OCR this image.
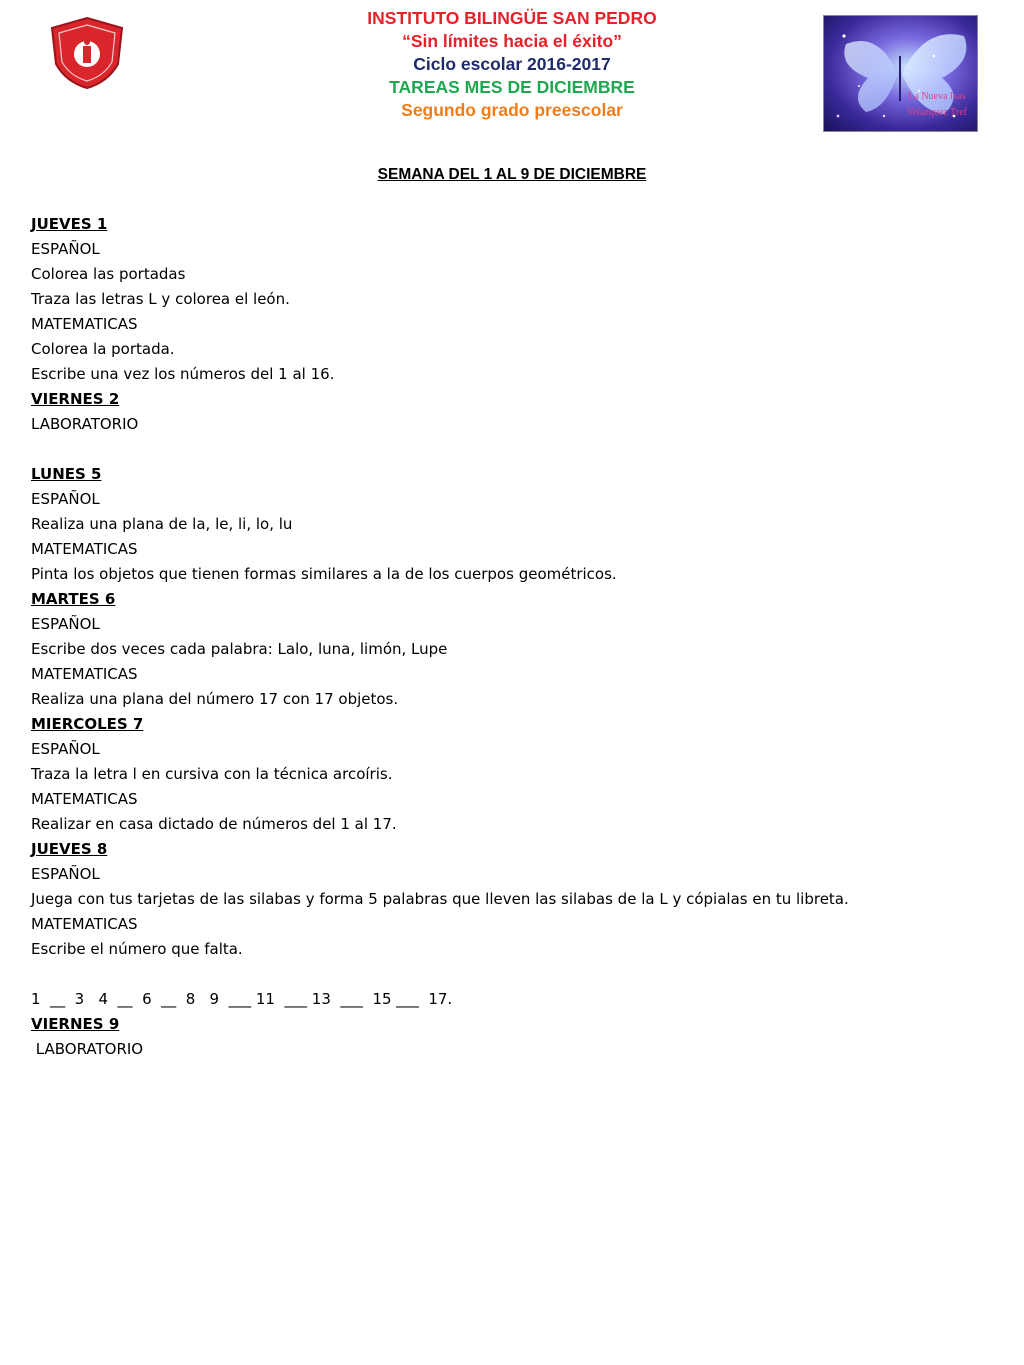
INSTITUTO BILINGÜE SAN PEDRO
“Sin límites hacia el éxito”
Ciclo escolar 2016-2017
TAREAS MES DE DICIEMBRE
Segundo grado preescolar
La Nueva Isas
Velazquez Tref
SEMANA DEL 1 AL 9 DE DICIEMBRE
JUEVES 1
ESPAÑOL
Colorea las portadas
Traza las letras L y colorea el león.
MATEMATICAS
Colorea la portada.
Escribe una vez los números del 1 al 16.
VIERNES 2
LABORATORIO
LUNES 5
ESPAÑOL
Realiza una plana de la, le, li, lo, lu
MATEMATICAS
Pinta los objetos que tienen formas similares a la de los cuerpos geométricos.
MARTES 6
ESPAÑOL
Escribe dos veces cada palabra: Lalo, luna, limón, Lupe
MATEMATICAS
Realiza una plana del número 17 con 17 objetos.
MIERCOLES 7
ESPAÑOL
Traza la letra l en cursiva con la técnica arcoíris.
MATEMATICAS
Realizar en casa dictado de números del 1 al 17.
JUEVES 8
ESPAÑOL
Juega con tus tarjetas de las silabas y forma 5 palabras que lleven las silabas de la L y cópialas en tu libreta.
MATEMATICAS
Escribe el número que falta.
1  __  3   4  __  6  __  8   9  ___ 11  ___ 13  ___  15 ___  17.
VIERNES 9
LABORATORIO
